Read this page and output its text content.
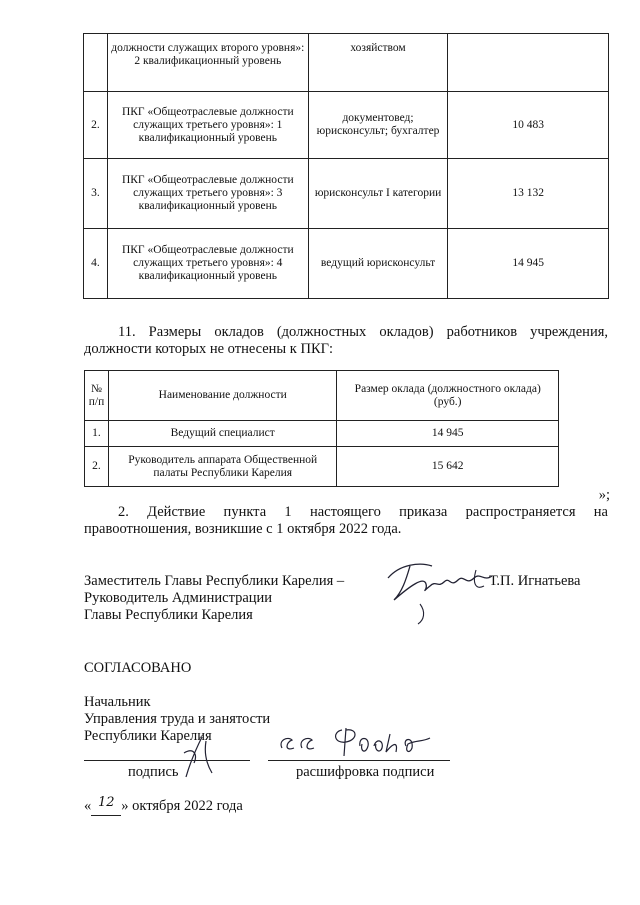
	должности служащих второго уровня»: 2 квалификационный уровень	хозяйством	
2.	ПКГ «Общеотраслевые должности служащих третьего уровня»: 1 квалификационный уровень	документовед; юрисконсульт; бухгалтер	10 483
3.	ПКГ «Общеотраслевые должности служащих третьего уровня»: 3 квалификационный уровень	юрисконсульт I категории	13 132
4.	ПКГ «Общеотраслевые должности служащих третьего уровня»: 4 квалификационный уровень	ведущий юрисконсульт	14 945
11. Размеры окладов (должностных окладов) работников учреждения, должности которых не отнесены к ПКГ:
№ п/п	Наименование должности	Размер оклада (должностного оклада) (руб.)
1.	Ведущий специалист	14 945
2.	Руководитель аппарата Общественной палаты Республики Карелия	15 642
»;
2. Действие пункта 1 настоящего приказа распространяется на правоотношения, возникшие с 1 октября 2022 года.
Заместитель Главы Республики Карелия –
Руководитель Администрации
Главы Республики Карелия
Т.П. Игнатьева
СОГЛАСОВАНО
Начальник
Управления труда и занятости
Республики Карелия
подпись	расшифровка подписи
« 12 » октября 2022 года
